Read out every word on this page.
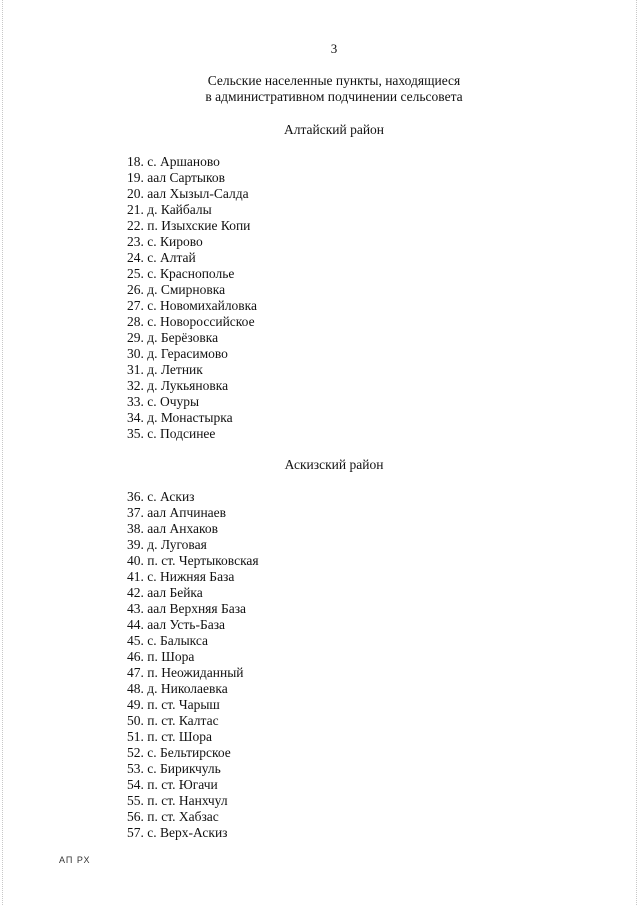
3
Сельские населенные пункты, находящиеся
в административном подчинении сельсовета
Алтайский район
18. с. Аршаново
19. аал Сартыков
20. аал Хызыл-Салда
21. д. Кайбалы
22. п. Изыхские Копи
23. с. Кирово
24. с. Алтай
25. с. Краснополье
26. д. Смирновка
27. с. Новомихайловка
28. с. Новороссийское
29. д. Берёзовка
30. д. Герасимово
31. д. Летник
32. д. Лукьяновка
33. с. Очуры
34. д. Монастырка
35. с. Подсинее
Аскизский район
36. с. Аскиз
37. аал Апчинаев
38. аал Анхаков
39. д. Луговая
40. п. ст. Чертыковская
41. с. Нижняя База
42. аал Бейка
43. аал Верхняя База
44. аал Усть-База
45. с. Балыкса
46. п. Шора
47. п. Неожиданный
48. д. Николаевка
49. п. ст. Чарыш
50. п. ст. Калтас
51. п. ст. Шора
52. с. Бельтирское
53. с. Бирикчуль
54. п. ст. Югачи
55. п. ст. Нанхчул
56. п. ст. Хабзас
57. с. Верх-Аскиз
АП РХ
